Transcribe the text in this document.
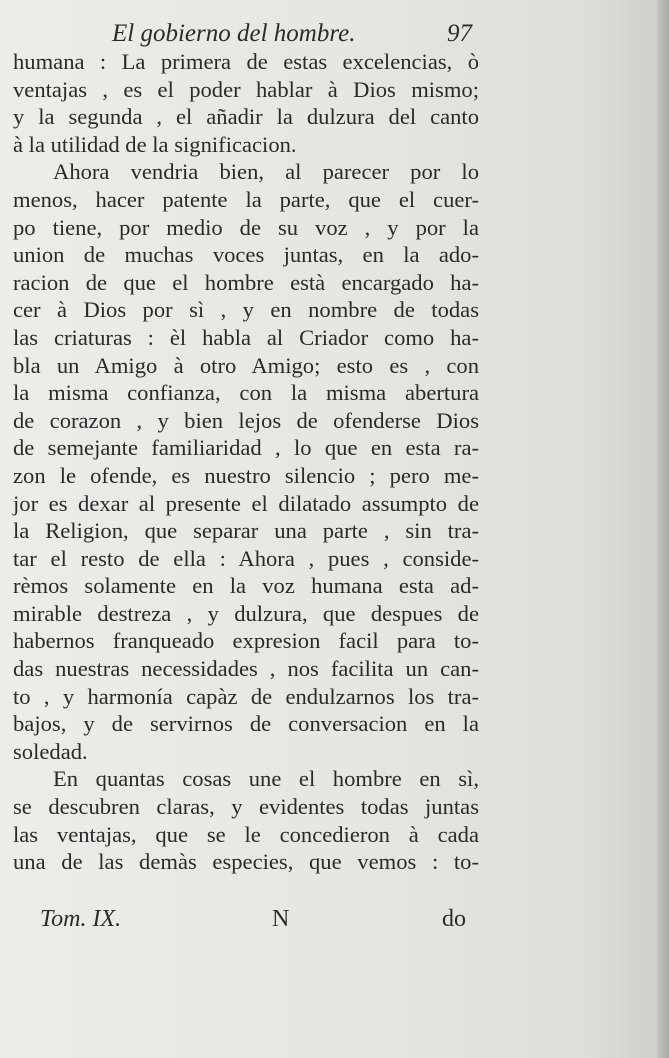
El gobierno del hombre.	97
humana : La primera de estas excelencias, ò
ventajas , es el poder hablar à Dios mismo;
y la segunda , el añadir la dulzura del canto
à la utilidad de la significacion.
Ahora vendria bien, al parecer por lo
menos, hacer patente la parte, que el cuer-
po tiene, por medio de su voz , y por la
union de muchas voces juntas, en la ado-
racion de que el hombre està encargado ha-
cer à Dios por sì , y en nombre de todas
las criaturas : èl habla al Criador como ha-
bla un Amigo à otro Amigo; esto es , con
la misma confianza, con la misma abertura
de corazon , y bien lejos de ofenderse Dios
de semejante familiaridad , lo que en esta ra-
zon le ofende, es nuestro silencio ; pero me-
jor es dexar al presente el dilatado assumpto de
la Religion, que separar una parte , sin tra-
tar el resto de ella : Ahora , pues , conside-
rèmos solamente en la voz humana esta ad-
mirable destreza , y dulzura, que despues de
habernos franqueado expresion facil para to-
das nuestras necessidades , nos facilita un can-
to , y harmonía capàz de endulzarnos los tra-
bajos, y de servirnos de conversacion en la
soledad.
En quantas cosas une el hombre en sì,
se descubren claras, y evidentes todas juntas
las ventajas, que se le concedieron à cada
una de las demàs especies, que vemos : to-
Tom. IX.	N	do
